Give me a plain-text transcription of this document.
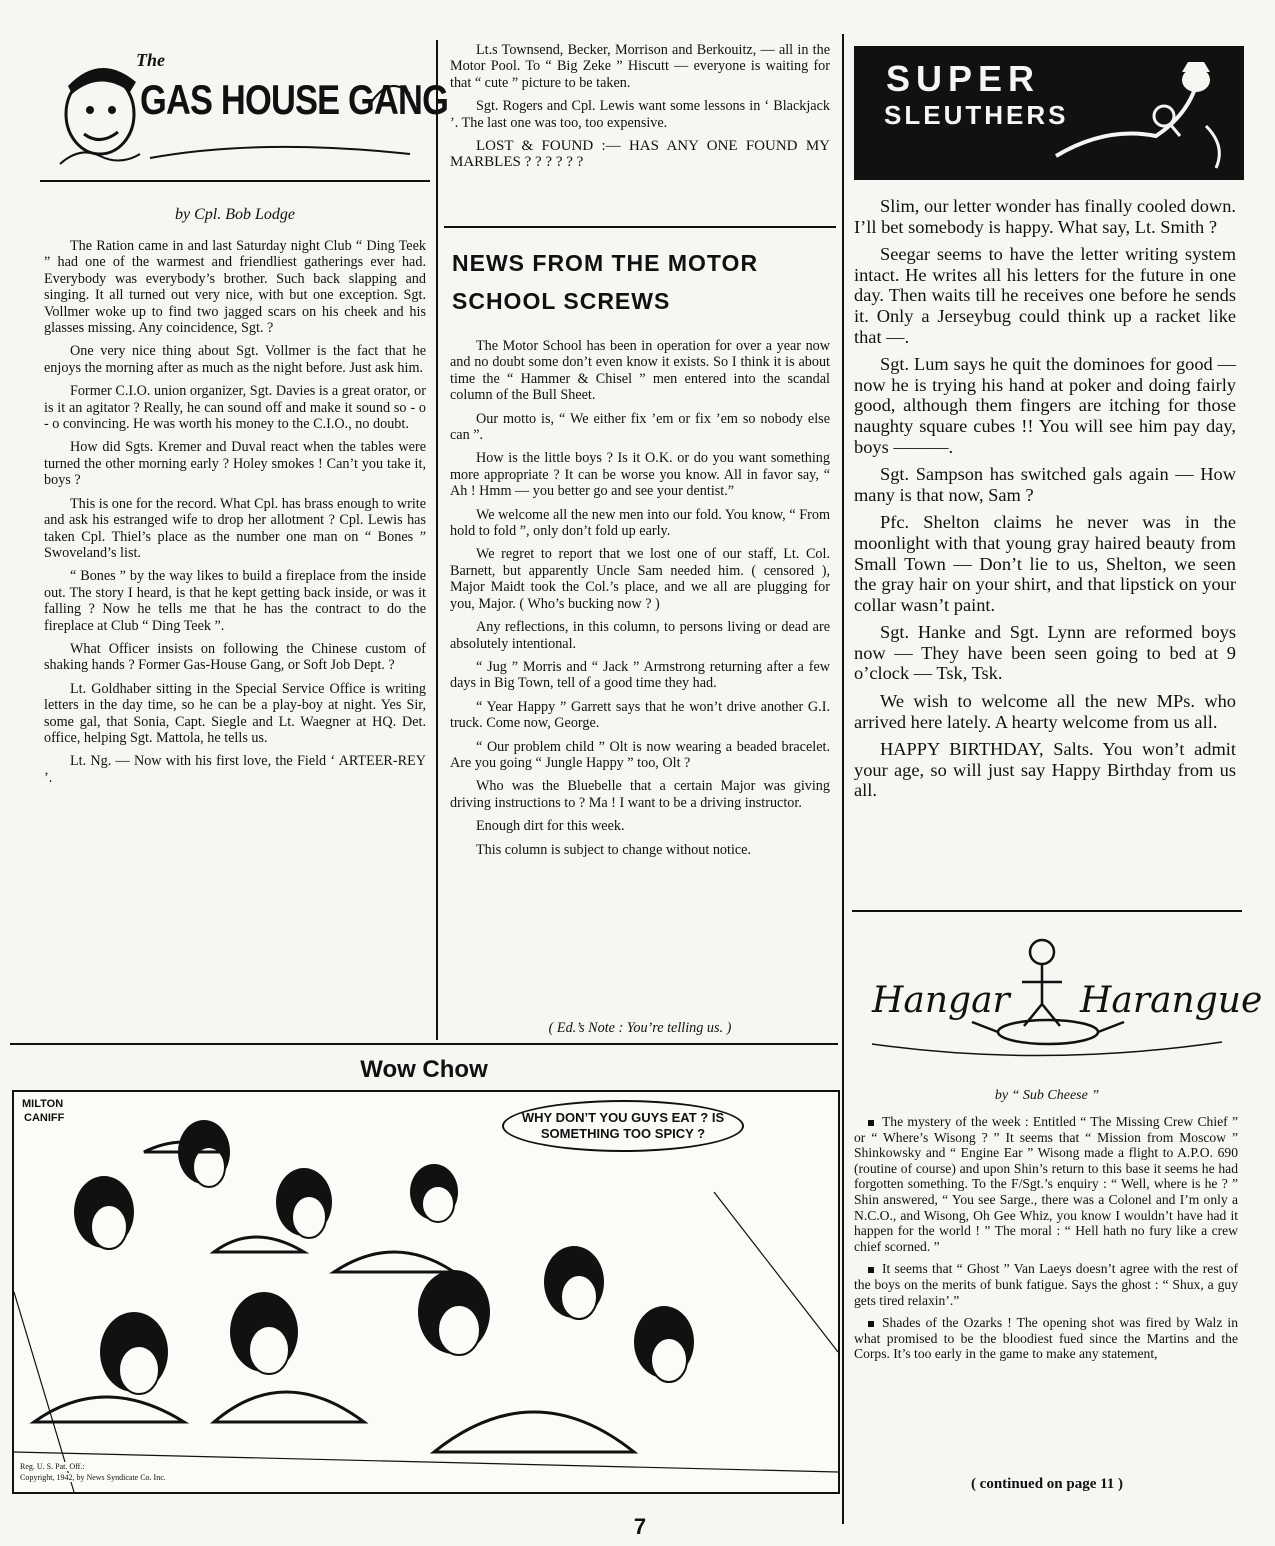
The
GAS HOUSE GANG
by Cpl. Bob Lodge

The Ration came in and last Saturday night Club “ Ding Teek ” had one of the warmest and friendliest gatherings ever had. Everybody was everybody’s brother. Such back slapping and singing. It all turned out very nice, with but one exception. Sgt. Vollmer woke up to find two jagged scars on his cheek and his glasses missing. Any coincidence, Sgt. ?

One very nice thing about Sgt. Vollmer is the fact that he enjoys the morning after as much as the night before. Just ask him.

Former C.I.O. union organizer, Sgt. Davies is a great orator, or is it an agitator ? Really, he can sound off and make it sound so - o - o convincing. He was worth his money to the C.I.O., no doubt.

How did Sgts. Kremer and Duval react when the tables were turned the other morning early ? Holey smokes ! Can’t you take it, boys ?

This is one for the record. What Cpl. has brass enough to write and ask his estranged wife to drop her allotment ? Cpl. Lewis has taken Cpl. Thiel’s place as the number one man on “ Bones ” Swoveland’s list.

“ Bones ” by the way likes to build a fireplace from the inside out. The story I heard, is that he kept getting back inside, or was it falling ? Now he tells me that he has the contract to do the fireplace at Club “ Ding Teek ”.

What Officer insists on following the Chinese custom of shaking hands ? Former Gas-House Gang, or Soft Job Dept. ?

Lt. Goldhaber sitting in the Special Service Office is writing letters in the day time, so he can be a play-boy at night. Yes Sir, some gal, that Sonia, Capt. Siegle and Lt. Waegner at HQ. Det. office, helping Sgt. Mattola, he tells us.

Lt. Ng. — Now with his first love, the Field ‘ ARTEER-REY ’.

Lt.s Townsend, Becker, Morrison and Berkouitz, — all in the Motor Pool. To “ Big Zeke ” Hiscutt — everyone is waiting for that “ cute ” picture to be taken.

Sgt. Rogers and Cpl. Lewis want some lessons in ‘ Blackjack ’. The last one was too, too expensive.

LOST & FOUND :— HAS ANY ONE FOUND MY MARBLES ? ? ? ? ? ?

NEWS FROM THE MOTOR
SCHOOL SCREWS

The Motor School has been in operation for over a year now and no doubt some don’t even know it exists. So I think it is about time the “ Hammer & Chisel ” men entered into the scandal column of the Bull Sheet.

Our motto is, “ We either fix ’em or fix ’em so nobody else can ”.

How is the little boys ? Is it O.K. or do you want something more appropriate ? It can be worse you know. All in favor say, “ Ah ! Hmm — you better go and see your dentist.”

We welcome all the new men into our fold. You know, “ From hold to fold ”, only don’t fold up early.

We regret to report that we lost one of our staff, Lt. Col. Barnett, but apparently Uncle Sam needed him. ( censored ), Major Maidt took the Col.’s place, and we all are plugging for you, Major. ( Who’s bucking now ? )

Any reflections, in this column, to persons living or dead are absolutely intentional.

“ Jug ” Morris and “ Jack ” Armstrong returning after a few days in Big Town, tell of a good time they had.

“ Year Happy ” Garrett says that he won’t drive another G.I. truck. Come now, George.

“ Our problem child ” Olt is now wearing a beaded bracelet. Are you going “ Jungle Happy ” too, Olt ?

Who was the Bluebelle that a certain Major was giving driving instructions to ? Ma ! I want to be a driving instructor.

Enough dirt for this week.

This column is subject to change without notice.

( Ed.’s Note : You’re telling us. )
SUPER
SLEUTHERS

Slim, our letter wonder has finally cooled down. I’ll bet somebody is happy. What say, Lt. Smith ?

Seegar seems to have the letter writing system intact. He writes all his letters for the future in one day. Then waits till he receives one before he sends it. Only a Jerseybug could think up a racket like that —.

Sgt. Lum says he quit the dominoes for good — now he is trying his hand at poker and doing fairly good, although them fingers are itching for those naughty square cubes !! You will see him pay day, boys ———.

Sgt. Sampson has switched gals again — How many is that now, Sam ?

Pfc. Shelton claims he never was in the moonlight with that young gray haired beauty from Small Town — Don’t lie to us, Shelton, we seen the gray hair on your shirt, and that lipstick on your collar wasn’t paint.

Sgt. Hanke and Sgt. Lynn are reformed boys now — They have been seen going to bed at 9 o’clock — Tsk, Tsk.

We wish to welcome all the new MPs. who arrived here lately. A hearty welcome from us all.

HAPPY BIRTHDAY, Salts. You won’t admit your age, so will just say Happy Birthday from us all.

Hangar Harangue
by “ Sub Cheese ”

The mystery of the week : Entitled “ The Missing Crew Chief ” or “ Where’s Wisong ? ” It seems that “ Mission from Moscow ” Shinkowsky and “ Engine Ear ” Wisong made a flight to A.P.O. 690 (routine of course) and upon Shin’s return to this base it seems he had forgotten something. To the F/Sgt.’s enquiry : “ Well, where is he ? ” Shin answered, “ You see Sarge., there was a Colonel and I’m only a N.C.O., and Wisong, Oh Gee Whiz, you know I wouldn’t have had it happen for the world ! ” The moral : “ Hell hath no fury like a crew chief scorned. ”

It seems that “ Ghost ” Van Laeys doesn’t agree with the rest of the boys on the merits of bunk fatigue. Says the ghost : “ Shux, a guy gets tired relaxin’.”

Shades of the Ozarks ! The opening shot was fired by Walz in what promised to be the bloodiest fued since the Martins and the Corps. It’s too early in the game to make any statement,

( continued on page 11 )
Wow Chow
MILTON
CANIFF	WHY DON’T YOU GUYS EAT ? IS SOMETHING TOO SPICY ?
Reg. U. S. Pat. Off.:
Copyright, 1942, by News Syndicate Co. Inc.
7
